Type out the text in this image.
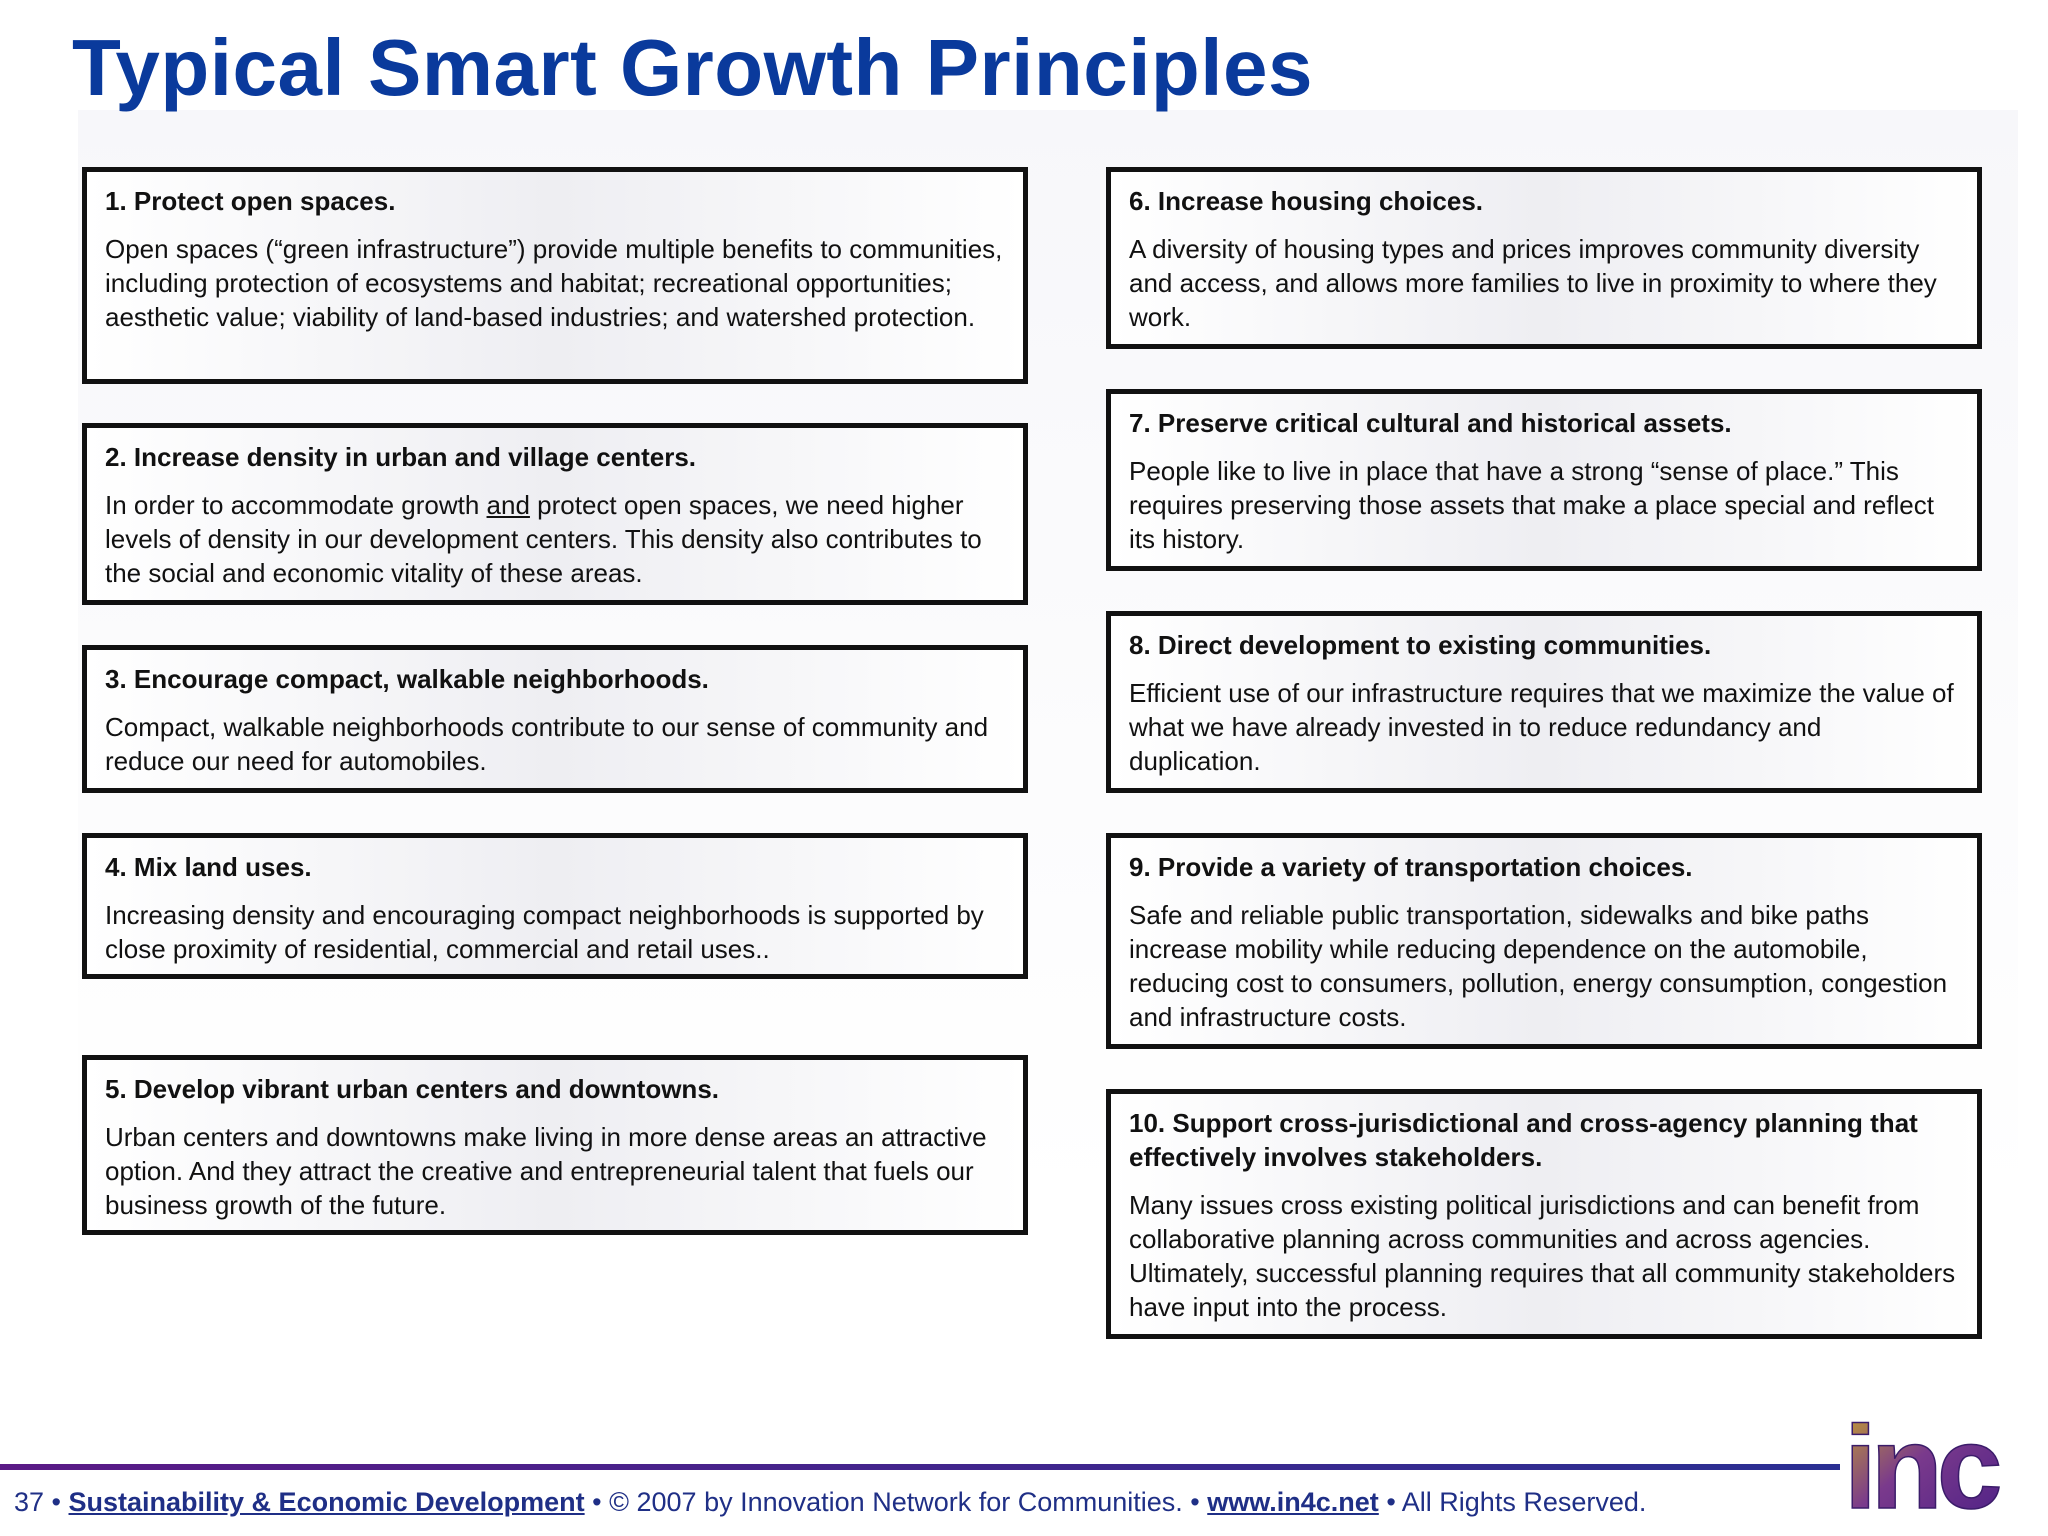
Typical Smart Growth Principles

1. Protect open spaces.

Open spaces (“green infrastructure”) provide multiple benefits to communities, including protection of ecosystems and habitat; recreational opportunities; aesthetic value; viability of land-based industries; and watershed protection.

2. Increase density in urban and village centers.

In order to accommodate growth and protect open spaces, we need higher levels of density in our development centers. This density also contributes to the social and economic vitality of these areas.

3. Encourage compact, walkable neighborhoods.

Compact, walkable neighborhoods contribute to our sense of community and reduce our need for automobiles.

4. Mix land uses.

Increasing density and encouraging compact neighborhoods is supported by close proximity of residential, commercial and retail uses..

5. Develop vibrant urban centers and downtowns.

Urban centers and downtowns make living in more dense areas an attractive option. And they attract the creative and entrepreneurial talent that fuels our business growth of the future.

6. Increase housing choices.

A diversity of housing types and prices improves community diversity and access, and allows more families to live in proximity to where they work.

7. Preserve critical cultural and historical assets.

People like to live in place that have a strong “sense of place.” This requires preserving those assets that make a place special and reflect its history.

8. Direct development to existing communities.

Efficient use of our infrastructure requires that we maximize the value of what we have already invested in to reduce redundancy and duplication.

9. Provide a variety of transportation choices.

Safe and reliable public transportation, sidewalks and bike paths increase mobility while reducing dependence on the automobile, reducing cost to consumers, pollution, energy consumption, congestion and infrastructure costs.

10. Support cross-jurisdictional and cross-agency planning that effectively involves stakeholders.

Many issues cross existing political jurisdictions and can benefit from collaborative planning across communities and across agencies. Ultimately, successful planning requires that all community stakeholders have input into the process.

37 • Sustainability & Economic Development • © 2007 by Innovation Network for Communities. • www.in4c.net • All Rights Reserved. inc
